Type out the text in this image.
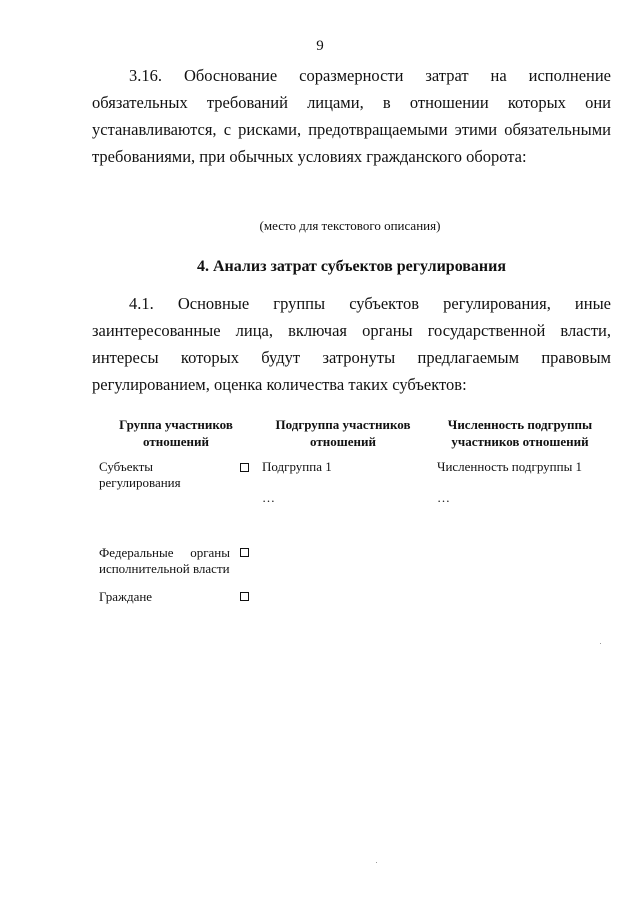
9

3.16. Обоснование соразмерности затрат на исполнение обязательных требований лицами, в отношении которых они устанавливаются, с рисками, предотвращаемыми этими обязательными требованиями, при обычных условиях гражданского оборота:

(место для текстового описания)
4. Анализ затрат субъектов регулирования

4.1. Основные группы субъектов регулирования, иные заинтересованные лица, включая органы государственной власти, интересы которых будут затронуты предлагаемым правовым регулированием, оценка количества таких субъектов:

Группа участников отношений
Подгруппа участников отношений
Численность подгруппы участников отношений
Субъекты регулирования
Подгруппа 1
…
Численность подгруппы 1
…
Федеральные органы исполнительной власти
Граждане
